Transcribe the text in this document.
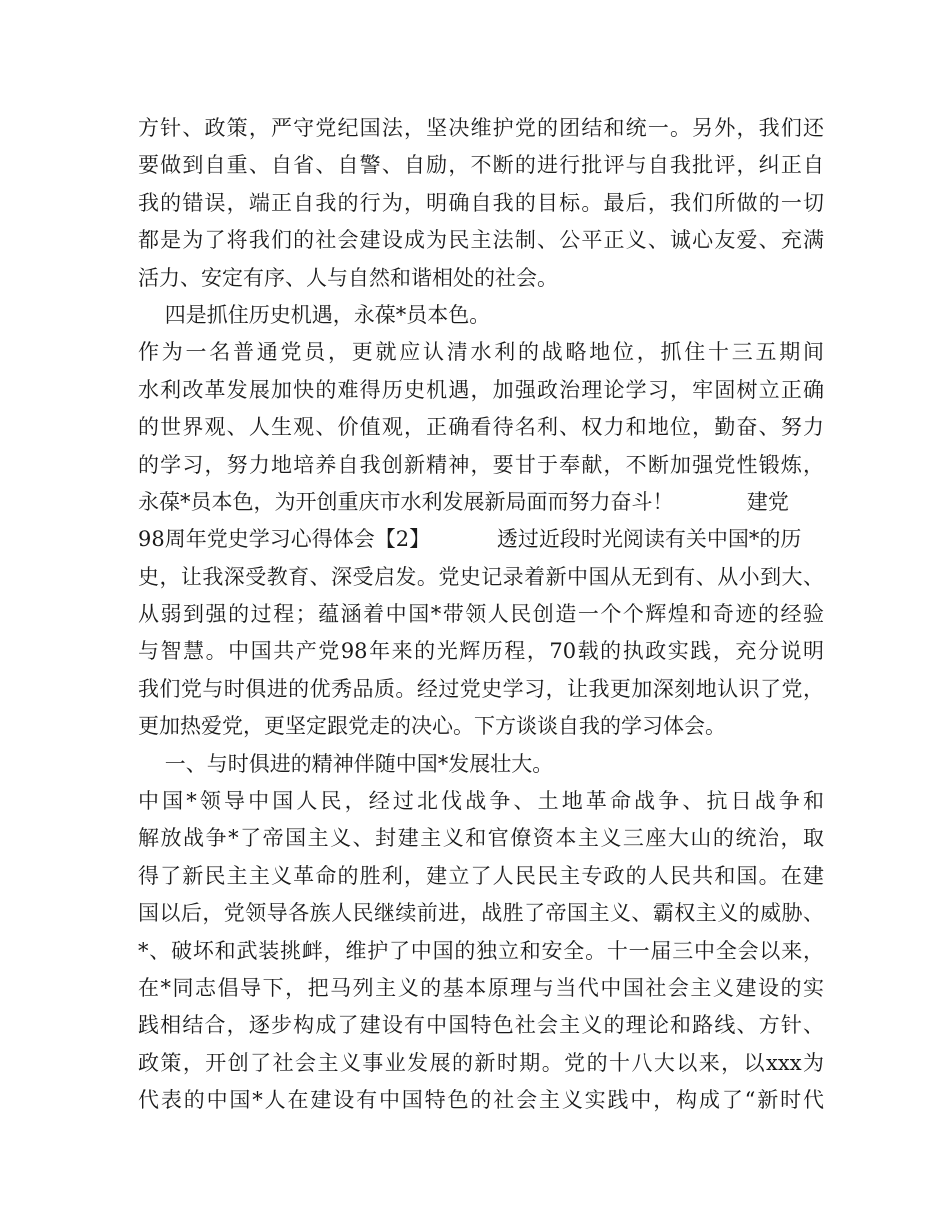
方针、政策，严守党纪国法，坚决维护党的团结和统一。另外，我们还
要做到自重、自省、自警、自励，不断的进行批评与自我批评，纠正自
我的错误，端正自我的行为，明确自我的目标。最后，我们所做的一切
都是为了将我们的社会建设成为民主法制、公平正义、诚心友爱、充满
活力、安定有序、人与自然和谐相处的社会。
四是抓住历史机遇，永葆*员本色。
作为一名普通党员，更就应认清水利的战略地位，抓住十三五期间
水利改革发展加快的难得历史机遇，加强政治理论学习，牢固树立正确
的世界观、人生观、价值观，正确看待名利、权力和地位，勤奋、努力
的学习，努力地培养自我创新精神，要甘于奉献，不断加强党性锻炼，
永葆*员本色，为开创重庆市水利发展新局面而努力奋斗！           建党
98周年党史学习心得体会【2】          透过近段时光阅读有关中国*的历
史，让我深受教育、深受启发。党史记录着新中国从无到有、从小到大、
从弱到强的过程；蕴涵着中国*带领人民创造一个个辉煌和奇迹的经验
与智慧。中国共产党98年来的光辉历程，70载的执政实践，充分说明
我们党与时俱进的优秀品质。经过党史学习，让我更加深刻地认识了党，
更加热爱党，更坚定跟党走的决心。下方谈谈自我的学习体会。
一、与时俱进的精神伴随中国*发展壮大。
中国*领导中国人民，经过北伐战争、土地革命战争、抗日战争和
解放战争*了帝国主义、封建主义和官僚资本主义三座大山的统治，取
得了新民主主义革命的胜利，建立了人民民主专政的人民共和国。在建
国以后，党领导各族人民继续前进，战胜了帝国主义、霸权主义的威胁、
*、破坏和武装挑衅，维护了中国的独立和安全。十一届三中全会以来，
在*同志倡导下，把马列主义的基本原理与当代中国社会主义建设的实
践相结合，逐步构成了建设有中国特色社会主义的理论和路线、方针、
政策，开创了社会主义事业发展的新时期。党的十八大以来，以xxx为
代表的中国*人在建设有中国特色的社会主义实践中，构成了“新时代
